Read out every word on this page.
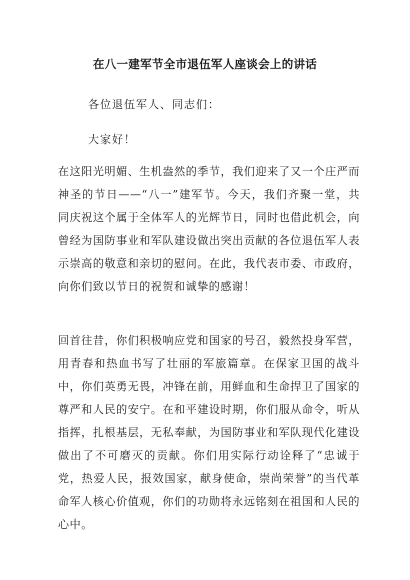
在八一建军节全市退伍军人座谈会上的讲话
各位退伍军人、同志们：
大家好！

在这阳光明媚、生机盎然的季节，我们迎来了又一个庄严而神圣的节日——“八一”建军节。今天，我们齐聚一堂，共同庆祝这个属于全体军人的光辉节日，同时也借此机会，向曾经为国防事业和军队建设做出突出贡献的各位退伍军人表示崇高的敬意和亲切的慰问。在此，我代表市委、市政府，向你们致以节日的祝贺和诚挚的感谢！

回首往昔，你们积极响应党和国家的号召，毅然投身军营，用青春和热血书写了壮丽的军旅篇章。在保家卫国的战斗中，你们英勇无畏，冲锋在前，用鲜血和生命捍卫了国家的尊严和人民的安宁。在和平建设时期，你们服从命令，听从指挥，扎根基层，无私奉献，为国防事业和军队现代化建设做出了不可磨灭的贡献。你们用实际行动诠释了“忠诚于党，热爱人民，报效国家，献身使命，崇尚荣誉”的当代革命军人核心价值观，你们的功勋将永远铭刻在祖国和人民的心中。
